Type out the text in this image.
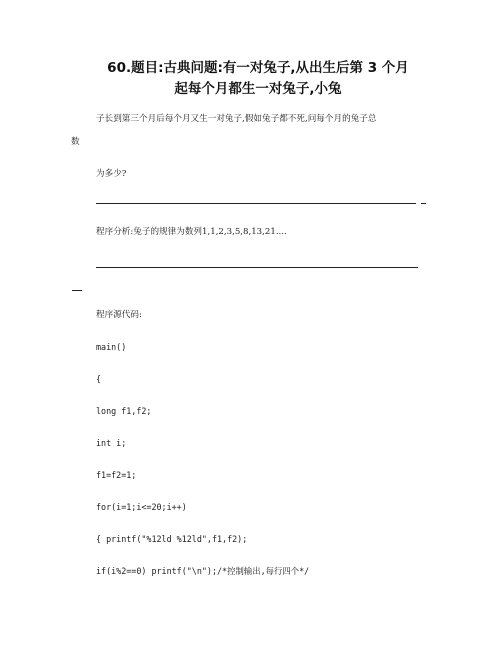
60.题目:古典问题:有一对兔子,从出生后第 3 个月
起每个月都生一对兔子,小兔
子长到第三个月后每个月又生一对兔子,假如兔子都不死,问每个月的兔子总
数
为多少?
程序分析:兔子的规律为数列1,1,2,3,5,8,13,21....
程序源代码:
main()
{
long f1,f2;
int i;
f1=f2=1;
for(i=1;i<=20;i++)
{ printf("%12ld %12ld",f1,f2);
if(i%2==0) printf("\n");/*控制输出,每行四个*/
